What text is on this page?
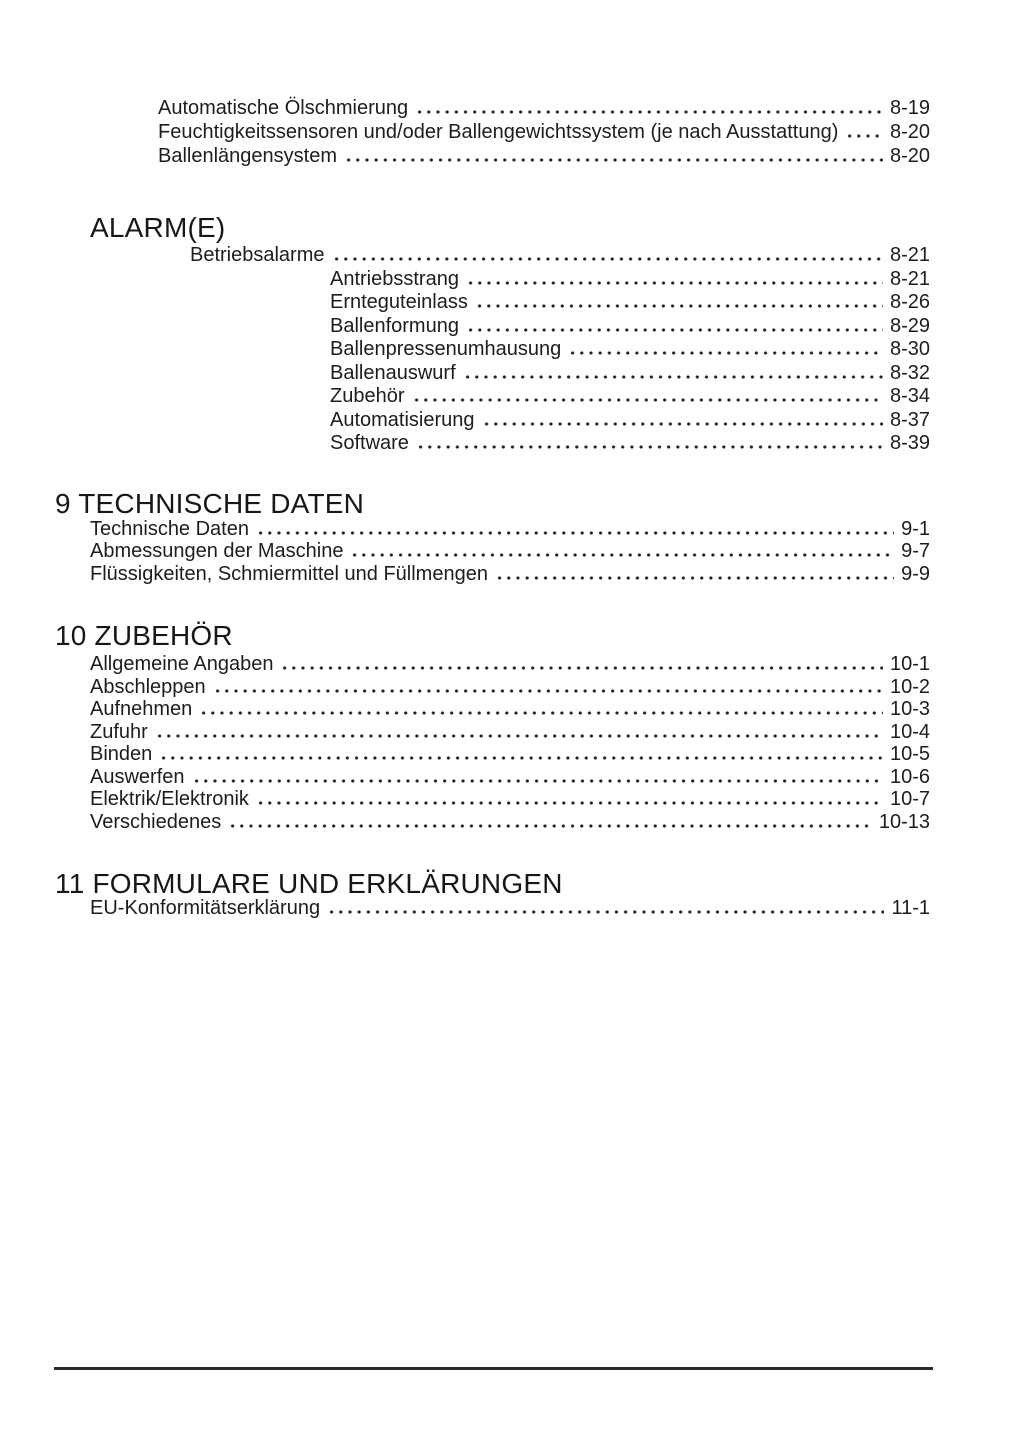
Automatische Ölschmierung	8-19
Feuchtigkeitssensoren und/oder Ballengewichtssystem (je nach Ausstattung)	8-20
Ballenlängensystem	8-20
ALARM(E)
Betriebsalarme	8-21
Antriebsstrang	8-21
Ernteguteinlass	8-26
Ballenformung	8-29
Ballenpressenumhausung	8-30
Ballenauswurf	8-32
Zubehör	8-34
Automatisierung	8-37
Software	8-39
9 TECHNISCHE DATEN
Technische Daten	9-1
Abmessungen der Maschine	9-7
Flüssigkeiten, Schmiermittel und Füllmengen	9-9
10 ZUBEHÖR
Allgemeine Angaben	10-1
Abschleppen	10-2
Aufnehmen	10-3
Zufuhr	10-4
Binden	10-5
Auswerfen	10-6
Elektrik/Elektronik	10-7
Verschiedenes	10-13
11 FORMULARE UND ERKLÄRUNGEN
EU-Konformitätserklärung	11-1
